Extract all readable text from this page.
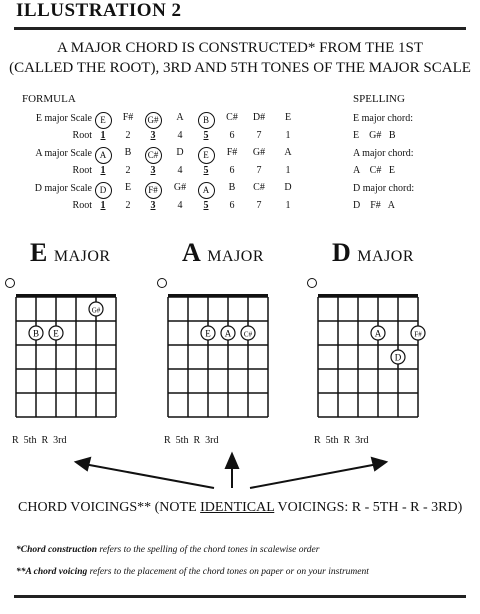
ILLUSTRATION 2
A MAJOR CHORD IS CONSTRUCTED* FROM THE 1ST
(CALLED THE ROOT), 3RD AND 5TH TONES OF THE MAJOR SCALE
FORMULA	SPELLING
E major Scale
Root
E
1
F#
2
G#
3
A
4
B
5
C#
6
D#
7
E
1
E major chord:
E    G#   B
A major Scale
Root
A
1
B
2
C#
3
D
4
E
5
F#
6
G#
7
A
1
A major chord:
A    C#   E
D major Scale
Root
D
1
E
2
F#
3
G#
4
A
5
B
6
C#
7
D
1
D major chord:
D    F#   A
EMAJOR
G#
B E
R  5th  R  3rd
AMAJOR
E A C#
R  5th  R  3rd
DMAJOR
A	F#
D
R  5th  R  3rd
CHORD VOICINGS** (NOTE IDENTICAL VOICINGS: R - 5TH - R - 3RD)
*Chord construction refers to the spelling of the chord tones in scalewise order
**A chord voicing refers to the placement of the chord tones on paper or on your instrument
